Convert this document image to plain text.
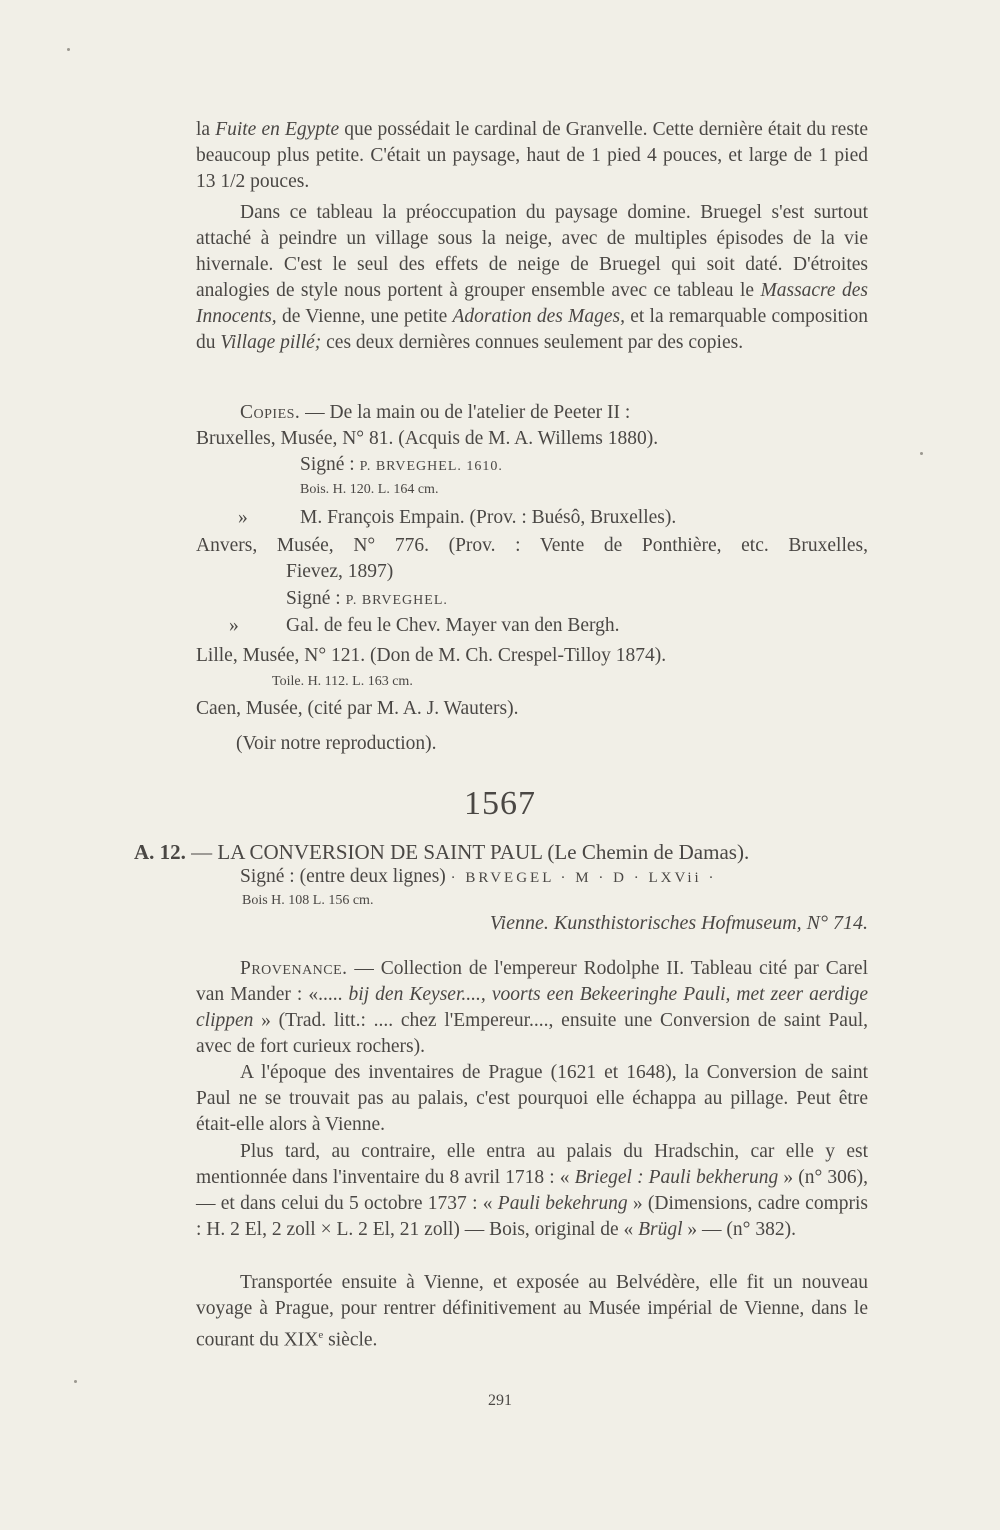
la Fuite en Egypte que possédait le cardinal de Granvelle. Cette dernière était du reste beaucoup plus petite. C'était un paysage, haut de 1 pied 4 pouces, et large de 1 pied 13 1/2 pouces.

Dans ce tableau la préoccupation du paysage domine. Bruegel s'est surtout attaché à peindre un village sous la neige, avec de multiples épisodes de la vie hivernale. C'est le seul des effets de neige de Bruegel qui soit daté. D'étroites analogies de style nous portent à grouper ensemble avec ce tableau le Massacre des Innocents, de Vienne, une petite Adoration des Mages, et la remarquable composition du Village pillé; ces deux dernières connues seulement par des copies.

Copies. — De la main ou de l'atelier de Peeter II :
Bruxelles, Musée, N° 81. (Acquis de M. A. Willems 1880).
Signé : P. BRVEGHEL. 1610.
Bois. H. 120. L. 164 cm.
»	M. François Empain. (Prov. : Buésô, Bruxelles).
Anvers, Musée, N° 776. (Prov. : Vente de Ponthière, etc. Bruxelles,
Fievez, 1897)
Signé : P. BRVEGHEL.
» Gal. de feu le Chev. Mayer van den Bergh.
Lille, Musée, N° 121. (Don de M. Ch. Crespel-Tilloy 1874).
Toile. H. 112. L. 163 cm.
Caen, Musée, (cité par M. A. J. Wauters).
(Voir notre reproduction).
1567
A. 12. — LA CONVERSION DE SAINT PAUL (Le Chemin de Damas).
Signé : (entre deux lignes) · BRVEGEL · M · D · LXVii ·
Bois H. 108 L. 156 cm.
Vienne. Kunsthistorisches Hofmuseum, N° 714.

Provenance. — Collection de l'empereur Rodolphe II. Tableau cité par Carel van Mander : «..... bij den Keyser...., voorts een Bekeeringhe Pauli, met zeer aerdige clippen » (Trad. litt.: .... chez l'Empereur...., ensuite une Conversion de saint Paul, avec de fort curieux rochers).

A l'époque des inventaires de Prague (1621 et 1648), la Conversion de saint Paul ne se trouvait pas au palais, c'est pourquoi elle échappa au pillage. Peut être était-elle alors à Vienne.

Plus tard, au contraire, elle entra au palais du Hradschin, car elle y est mentionnée dans l'inventaire du 8 avril 1718 : « Briegel : Pauli bekherung » (n° 306), — et dans celui du 5 octobre 1737 : « Pauli bekehrung » (Dimensions, cadre compris : H. 2 El, 2 zoll × L. 2 El, 21 zoll) — Bois, original de « Brügl » — (n° 382).

Transportée ensuite à Vienne, et exposée au Belvédère, elle fit un nouveau voyage à Prague, pour rentrer définitivement au Musée impérial de Vienne, dans le courant du XIXe siècle.

291
